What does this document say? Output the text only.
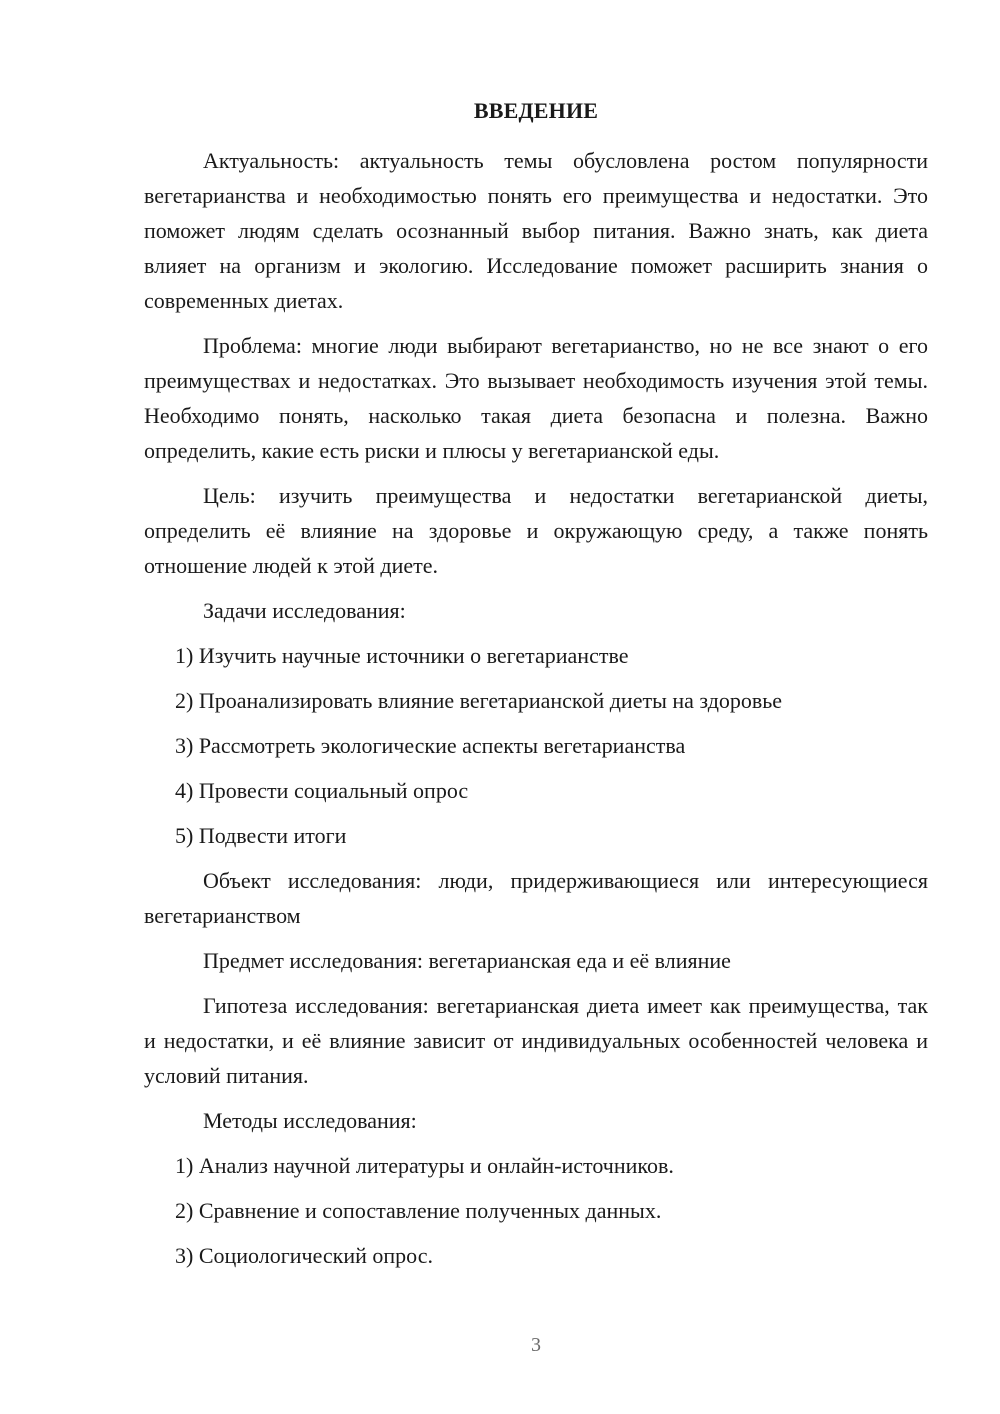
ВВЕДЕНИЕ

Актуальность: актуальность темы обусловлена ростом популярности вегетарианства и необходимостью понять его преимущества и недостатки. Это поможет людям сделать осознанный выбор питания. Важно знать, как диета влияет на организм и экологию. Исследование поможет расширить знания о современных диетах.

Проблема: многие люди выбирают вегетарианство, но не все знают о его преимуществах и недостатках. Это вызывает необходимость изучения этой темы. Необходимо понять, насколько такая диета безопасна и полезна. Важно определить, какие есть риски и плюсы у вегетарианской еды.

Цель: изучить преимущества и недостатки вегетарианской диеты, определить её влияние на здоровье и окружающую среду, а также понять отношение людей к этой диете.

Задачи исследования:

1) Изучить научные источники о вегетарианстве
2) Проанализировать влияние вегетарианской диеты на здоровье
3) Рассмотреть экологические аспекты вегетарианства
4) Провести социальный опрос
5) Подвести итоги

Объект исследования: люди, придерживающиеся или интересующиеся вегетарианством

Предмет исследования: вегетарианская еда и её влияние

Гипотеза исследования: вегетарианская диета имеет как преимущества, так и недостатки, и её влияние зависит от индивидуальных особенностей человека и условий питания.

Методы исследования:

1) Анализ научной литературы и онлайн-источников.
2) Сравнение и сопоставление полученных данных.
3) Социологический опрос.
3
